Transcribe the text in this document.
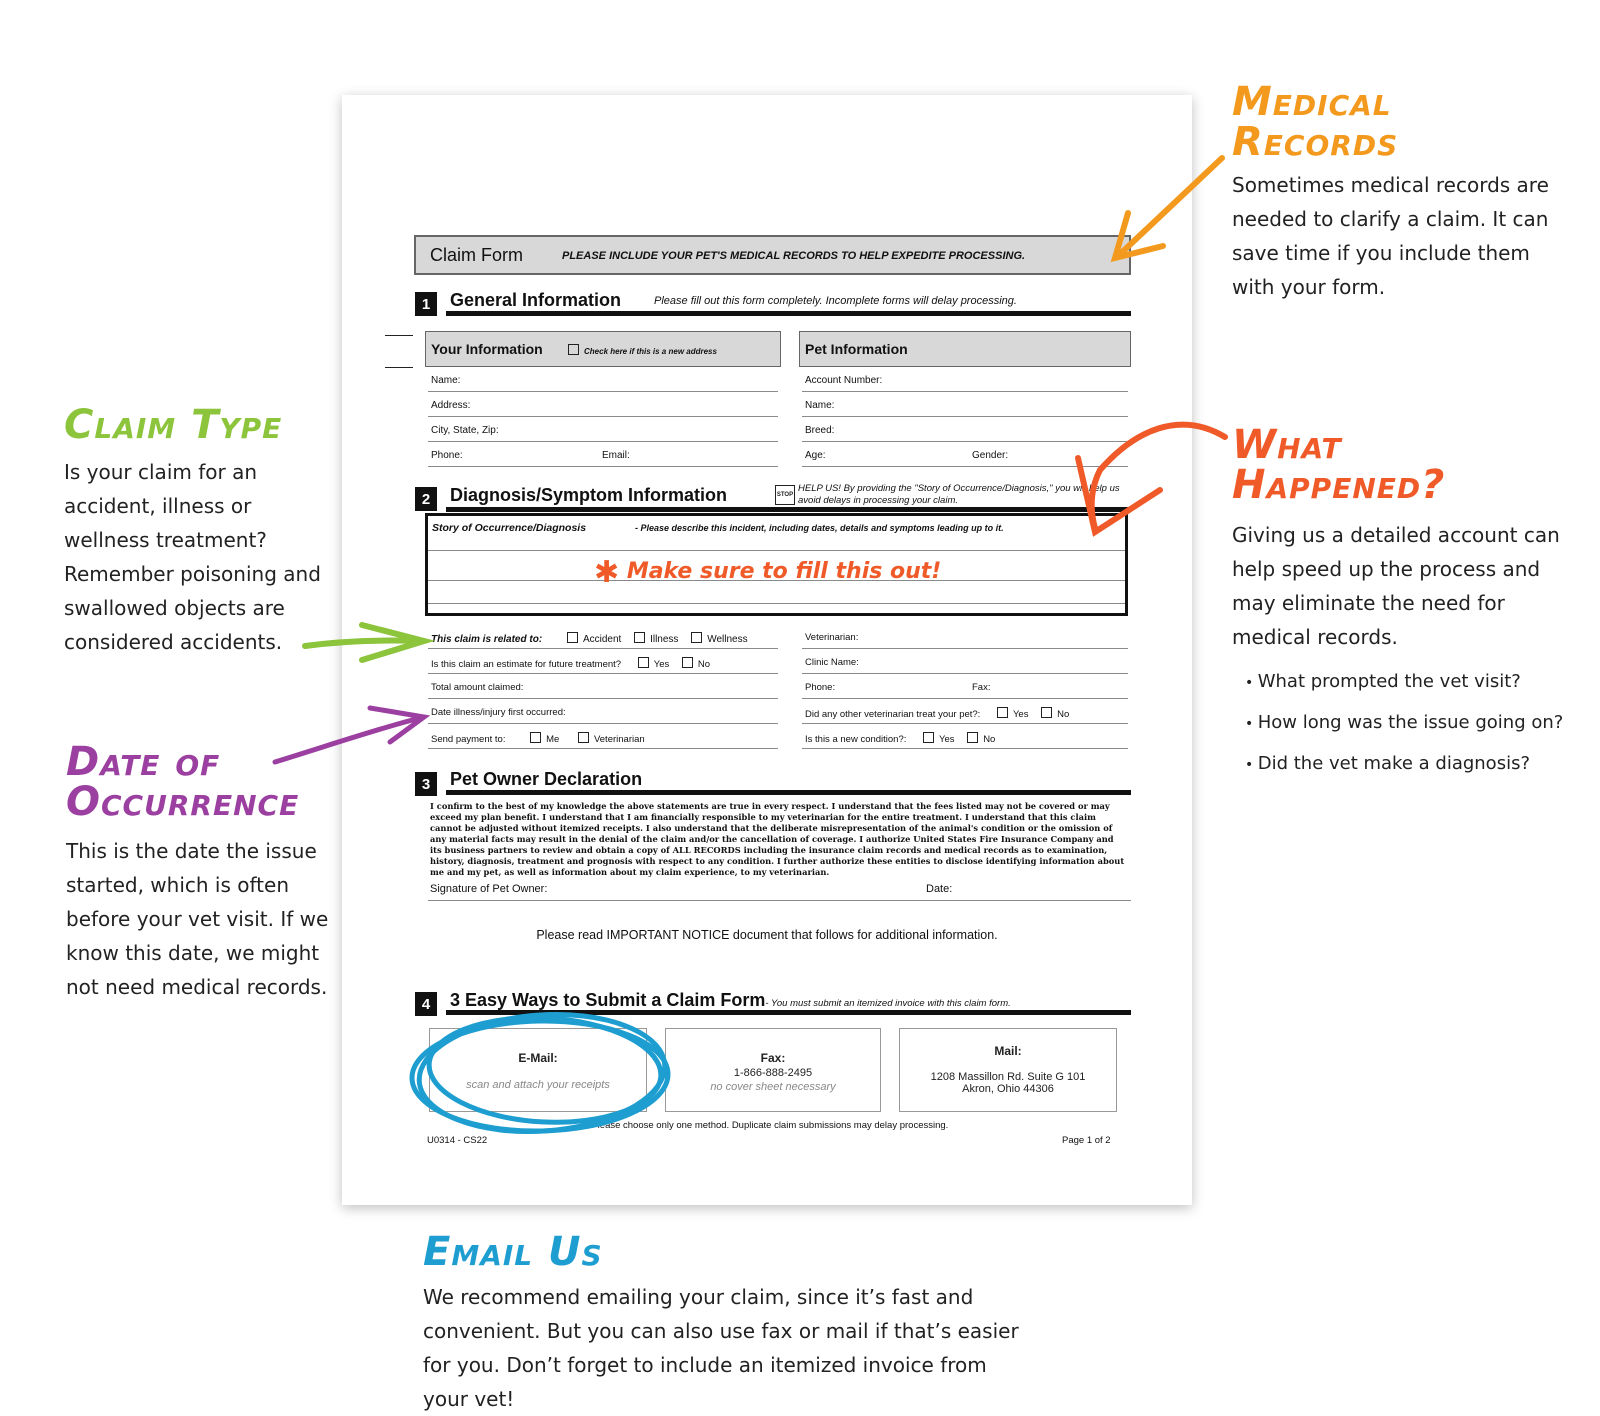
Medical Records
Sometimes medical records are needed to clarify a claim. It can save time if you include them with your form.
Claim Type
Is your claim for an accident, illness or wellness treatment? Remember poisoning and swallowed objects are considered accidents.
What Happened?
Giving us a detailed account can help speed up the process and may eliminate the need for medical records.
• What prompted the vet visit?
• How long was the issue going on?
• Did the vet make a diagnosis?
Date of Occurrence
This is the date the issue started, which is often before your vet visit. If we know this date, we might not need medical records.
Email Us
We recommend emailing your claim, since it’s fast and convenient. But you can also use fax or mail if that’s easier for you. Don’t forget to include an itemized invoice from your vet!
Claim Form	PLEASE INCLUDE YOUR PET'S MEDICAL RECORDS TO HELP EXPEDITE PROCESSING.
1	General Information	Please fill out this form completely. Incomplete forms will delay processing.
Your Information	Check here if this is a new address	Pet Information
Name:
Address:
City, State, Zip:
Phone:	Email:
Account Number:
Name:
Breed:
Age:	Gender:
2	Diagnosis/Symptom Information	STOP
HELP US! By providing the "Story of Occurrence/Diagnosis," you will help us avoid delays in processing your claim.
Story of Occurrence/Diagnosis	- Please describe this incident, including dates, details and symptoms leading up to it.
✱ Make sure to fill this out!
This claim is related to:	Accident	Illness	Wellness
Is this claim an estimate for future treatment?	Yes	No
Total amount claimed:
Date illness/injury first occurred:
Send payment to:	Me	Veterinarian
Veterinarian:
Clinic Name:
Phone:	Fax:
Did any other veterinarian treat your pet?:	Yes	No
Is this a new condition?:	Yes	No
3	Pet Owner Declaration
I confirm to the best of my knowledge the above statements are true in every respect. I understand that the fees listed may not be covered or may exceed my plan benefit. I understand that I am financially responsible to my veterinarian for the entire treatment. I understand that this claim cannot be adjusted without itemized receipts. I also understand that the deliberate misrepresentation of the animal's condition or the omission of any material facts may result in the denial of the claim and/or the cancellation of coverage. I authorize United States Fire Insurance Company and its business partners to review and obtain a copy of ALL RECORDS including the insurance claim records and medical records as to examination, history, diagnosis, treatment and prognosis with respect to any condition. I further authorize these entities to disclose identifying information about me and my pet, as well as information about my claim experience, to my veterinarian.
Signature of Pet Owner:	Date:
Please read IMPORTANT NOTICE document that follows for additional information.
4	3 Easy Ways to Submit a Claim Form- You must submit an itemized invoice with this claim form.
E-Mail:
scan and attach your receipts
Fax:
1-866-888-2495
no cover sheet necessary
Mail:
1208 Massillon Rd. Suite G 101
Akron, Ohio 44306
* Please choose only one method. Duplicate claim submissions may delay processing.
U0314 - CS22	Page 1 of 2
